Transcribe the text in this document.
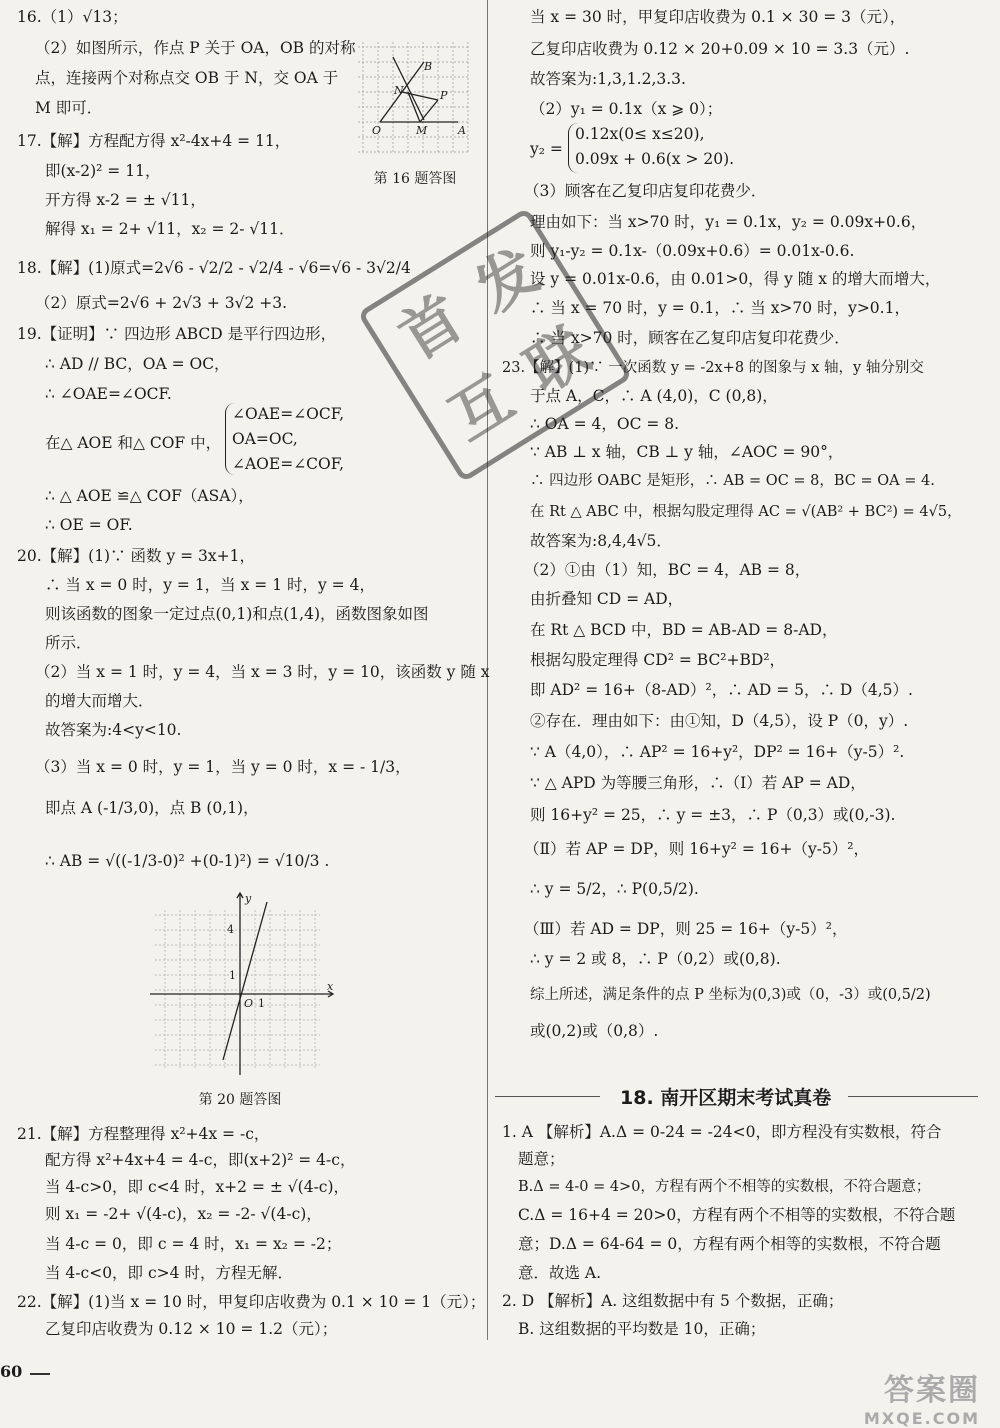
16.（1）√13；
（2）如图所示，作点 P 关于 OA，OB 的对称
点，连接两个对称点交 OB 于 N，交 OA 于
M 即可．
17.【解】方程配方得 x²-4x+4 = 11，
即(x-2)² = 11，
开方得 x-2 = ± √11，
解得 x₁ = 2+ √11，x₂ = 2- √11．
18.【解】(1)原式=2√6 - √2/2 - √2/4 - √6=√6 - 3√2/4
（2）原式=2√6 + 2√3 + 3√2 +3.
19.【证明】∵ 四边形 ABCD 是平行四边形，
∴ AD // BC，OA = OC，
∴ ∠OAE=∠OCF.
在△ AOE 和△ COF 中，
∠OAE=∠OCF,
OA=OC,
∠AOE=∠COF,
∴ △ AOE ≌△ COF（ASA），
∴ OE = OF.
20.【解】(1)∵ 函数 y = 3x+1，
∴ 当 x = 0 时，y = 1，当 x = 1 时，y = 4，
则该函数的图象一定过点(0,1)和点(1,4)，函数图象如图
所示．
（2）当 x = 1 时，y = 4，当 x = 3 时，y = 10，该函数 y 随 x
的增大而增大．
故答案为:4<y<10.
（3）当 x = 0 时，y = 1，当 y = 0 时，x = - 1/3，
即点 A (-1/3,0)，点 B (0,1)，
∴ AB = √((-1/3-0)² +(0-1)²) = √10/3 .
21.【解】方程整理得 x²+4x = -c，
配方得 x²+4x+4 = 4-c，即(x+2)² = 4-c，
当 4-c>0，即 c<4 时，x+2 = ± √(4-c)，
则 x₁ = -2+ √(4-c)，x₂ = -2- √(4-c)，
当 4-c = 0，即 c = 4 时，x₁ = x₂ = -2；
当 4-c<0，即 c>4 时，方程无解．
22.【解】(1)当 x = 10 时，甲复印店收费为 0.1 × 10 = 1（元）；
乙复印店收费为 0.12 × 10 = 1.2（元）；
B
N	P
O	M	A
第 16 题答图
y
4
1
O 1
x
第 20 题答图
当 x = 30 时，甲复印店收费为 0.1 × 30 = 3（元），
乙复印店收费为 0.12 × 20+0.09 × 10 = 3.3（元）.
故答案为:1,3,1.2,3.3.
（2）y₁ = 0.1x（x ⩾ 0）；
y₂ =
0.12x(0≤ x≤20),
0.09x + 0.6(x > 20).
（3）顾客在乙复印店复印花费少．
理由如下：当 x>70 时，y₁ = 0.1x，y₂ = 0.09x+0.6，
则 y₁-y₂ = 0.1x-（0.09x+0.6）= 0.01x-0.6.
设 y = 0.01x-0.6，由 0.01>0，得 y 随 x 的增大而增大，
∴ 当 x = 70 时，y = 0.1，∴ 当 x>70 时，y>0.1，
∴ 当 x>70 时，顾客在乙复印店复印花费少．
23.【解】(1)∵ 一次函数 y = -2x+8 的图象与 x 轴，y 轴分别交
于点 A，C，∴ A (4,0)，C (0,8)，
∴ OA = 4，OC = 8.
∵ AB ⊥ x 轴，CB ⊥ y 轴，∠AOC = 90°，
∴ 四边形 OABC 是矩形，∴ AB = OC = 8，BC = OA = 4.
在 Rt △ ABC 中，根据勾股定理得 AC = √(AB² + BC²) = 4√5，
故答案为:8,4,4√5．
（2）①由（1）知，BC = 4，AB = 8，
由折叠知 CD = AD，
在 Rt △ BCD 中，BD = AB-AD = 8-AD，
根据勾股定理得 CD² = BC²+BD²，
即 AD² = 16+（8-AD）²，∴ AD = 5，∴ D（4,5）.
②存在．理由如下：由①知，D（4,5），设 P（0，y）.
∵ A（4,0），∴ AP² = 16+y²，DP² = 16+（y-5）².
∵ △ APD 为等腰三角形，∴（Ⅰ）若 AP = AD，
则 16+y² = 25，∴ y = ±3，∴ P（0,3）或(0,-3).
（Ⅱ）若 AP = DP，则 16+y² = 16+（y-5）²，
∴ y = 5/2，∴ P(0,5/2).
（Ⅲ）若 AD = DP，则 25 = 16+（y-5）²，
∴ y = 2 或 8，∴ P（0,2）或(0,8).
综上所述，满足条件的点 P 坐标为(0,3)或（0，-3）或(0,5/2)
或(0,2)或（0,8）.
18. 南开区期末考试真卷
1. A 【解析】A.Δ = 0-24 = -24<0，即方程没有实数根，符合
题意；
B.Δ = 4-0 = 4>0，方程有两个不相等的实数根，不符合题意；
C.Δ = 16+4 = 20>0，方程有两个不相等的实数根，不符合题
意；D.Δ = 64-64 = 0，方程有两个相等的实数根，不符合题
意．故选 A.
2. D 【解析】A. 这组数据中有 5 个数据，正确；
B. 这组数据的平均数是 10，正确；
首
发
互
联
60
答案圈
MXQE.COM
